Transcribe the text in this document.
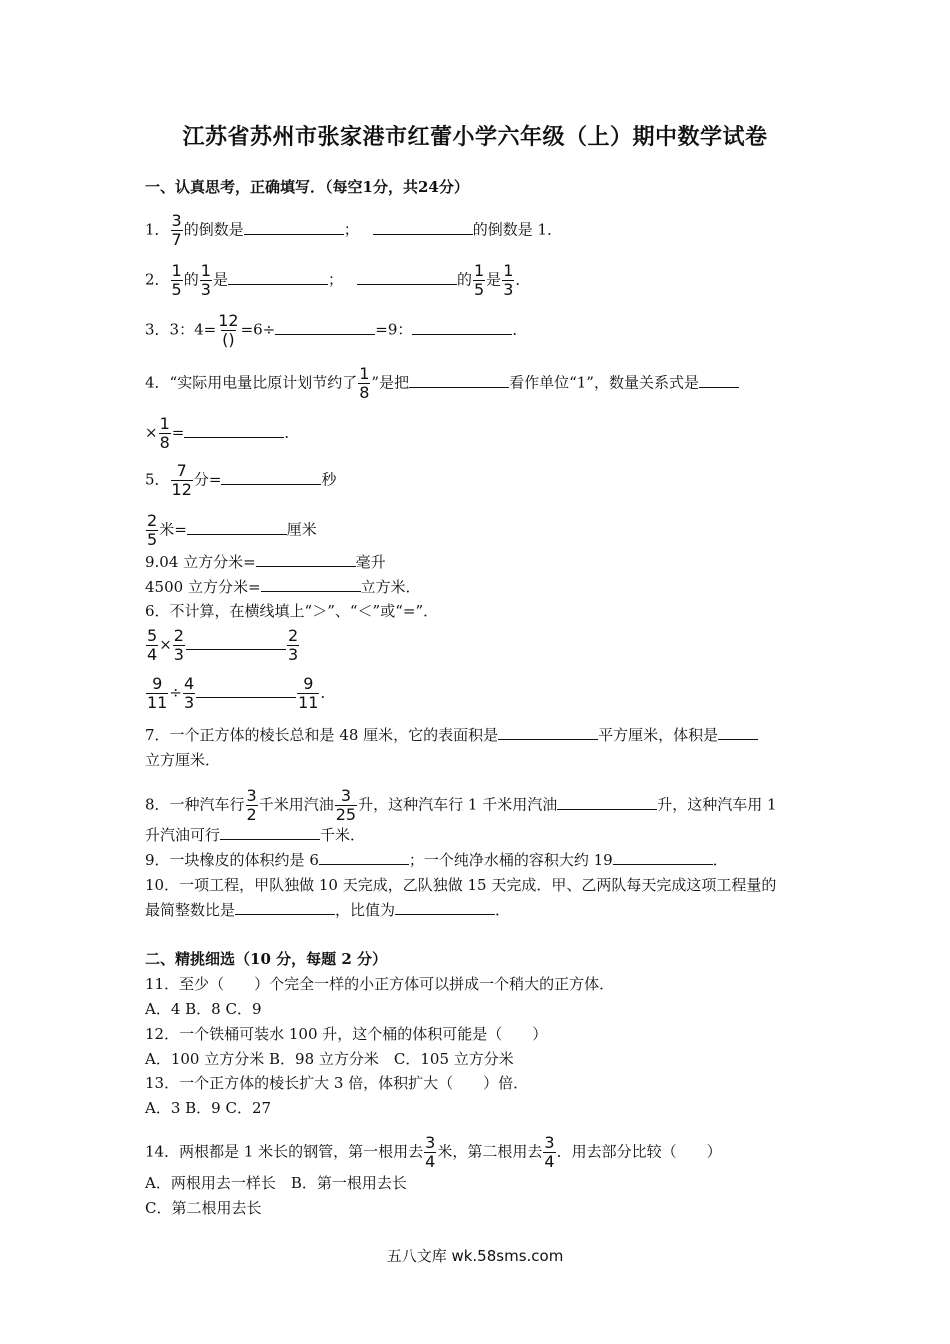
江苏省苏州市张家港市红蕾小学六年级（上）期中数学试卷
一、认真思考，正确填写．（每空1分，共24分）
1． $\frac{3}{7}$ 的倒数是	；	的倒数是 1．
2． $\frac{1}{5}$ 的 $\frac{1}{3}$ 是	；	的 $\frac{1}{5}$ 是 $\frac{1}{3}$ ．
3．3：$4= \frac{12}{()} =6\div$	=9：	．
4．“实际用电量比原计划节约了 $\frac{1}{8}$ ”是把	看作单位“1”，数量关系式是
× $\frac{1}{8}$ =	．
5． $\frac{7}{12}$ 分=	秒
$\frac{2}{5}$ 米=	厘米
9.04 立方分米=	毫升
4500 立方分米=	立方米．
6．不计算，在横线填上“＞”、“＜”或“=”．
$\frac{5}{4} \times \frac{2}{3}$	$\frac{2}{3}$
$\frac{9}{11} \div \frac{4}{3}$	$\frac{9}{11}$ ．
7．一个正方体的棱长总和是 48 厘米，它的表面积是	平方厘米，体积是
立方厘米．
8．一种汽车行 $\frac{3}{2}$ 千米用汽油 $\frac{3}{25}$ 升，这种汽车行 1 千米用汽油	升，这种汽车用 1
升汽油可行	千米．
9．一块橡皮的体积约是 6	；一个纯净水桶的容积大约 19	．
10．一项工程，甲队独做 10 天完成，乙队独做 15 天完成．甲、乙两队每天完成这项工程量的
最简整数比是	，比值为	．
二、精挑细选（10 分，每题 2 分）
11．至少（　　）个完全一样的小正方体可以拼成一个稍大的正方体．
A．4 B．8 C．9
12．一个铁桶可装水 100 升，这个桶的体积可能是（　　）
A．100 立方分米 B．98 立方分米　C．105 立方分米
13．一个正方体的棱长扩大 3 倍，体积扩大（　　）倍．
A．3 B．9 C．27
14．两根都是 1 米长的钢管，第一根用去 $\frac{3}{4}$ 米，第二根用去 $\frac{3}{4}$ ．用去部分比较（　　）
A．两根用去一样长　B．第一根用去长
C．第二根用去长
五八文库 wk.58sms.com
